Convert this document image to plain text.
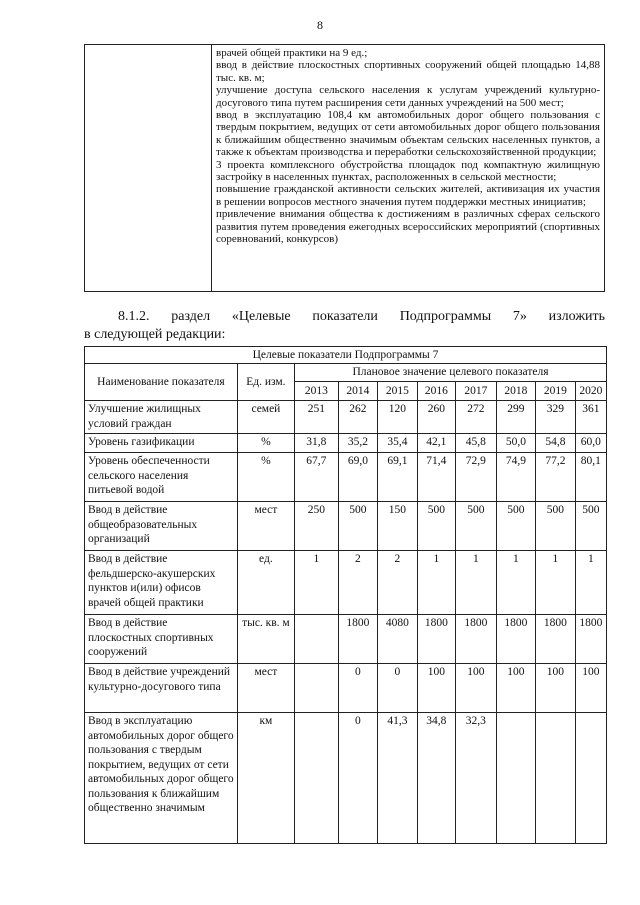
8

врачей общей практики на 9 ед.;
ввод в действие плоскостных спортивных сооружений общей площадью 14,88 тыс. кв. м;
улучшение доступа сельского населения к услугам учреждений культурно-досугового типа путем расширения сети данных учреждений на 500 мест;
ввод в эксплуатацию 108,4 км автомобильных дорог общего пользования с твердым покрытием, ведущих от сети автомобильных дорог общего пользования к ближайшим общественно значимым объектам сельских населенных пунктов, а также к объектам производства и переработки сельскохозяйственной продукции;
3 проекта комплексного обустройства площадок под компактную жилищную застройку в населенных пунктах, расположенных в сельской местности;
повышение гражданской активности сельских жителей, активизация их участия в решении вопросов местного значения путем поддержки местных инициатив;
привлечение внимания общества к достижениям в различных сферах сельского развития путем проведения ежегодных всероссийских мероприятий (спортивных соревнований, конкурсов)
8.1.2. раздел «Целевые показатели Подпрограммы 7» изложить
в следующей редакции:
Целевые показатели Подпрограммы 7									
Наименование показателя	Ед. изм.	Плановое значение целевого показателя							
		2013	2014	2015	2016	2017	2018	2019	2020
Улучшение жилищных условий граждан	семей	251	262	120	260	272	299	329	361
Уровень газификации	%	31,8	35,2	35,4	42,1	45,8	50,0	54,8	60,0
Уровень обеспеченности сельского населения питьевой водой	%	67,7	69,0	69,1	71,4	72,9	74,9	77,2	80,1
Ввод в действие общеобразовательных организаций	мест	250	500	150	500	500	500	500	500
Ввод в действие фельдшерско-акушерских пунктов и(или) офисов врачей общей практики	ед.	1	2	2	1	1	1	1	1
Ввод в действие плоскостных спортивных сооружений	тыс. кв. м		1800	4080	1800	1800	1800	1800	1800
Ввод в действие учреждений культурно-досугового типа	мест		0	0	100	100	100	100	100
Ввод в эксплуатацию автомобильных дорог общего пользования с твердым покрытием, ведущих от сети автомобильных дорог общего пользования к ближайшим общественно значимым	км		0	41,3	34,8	32,3			
